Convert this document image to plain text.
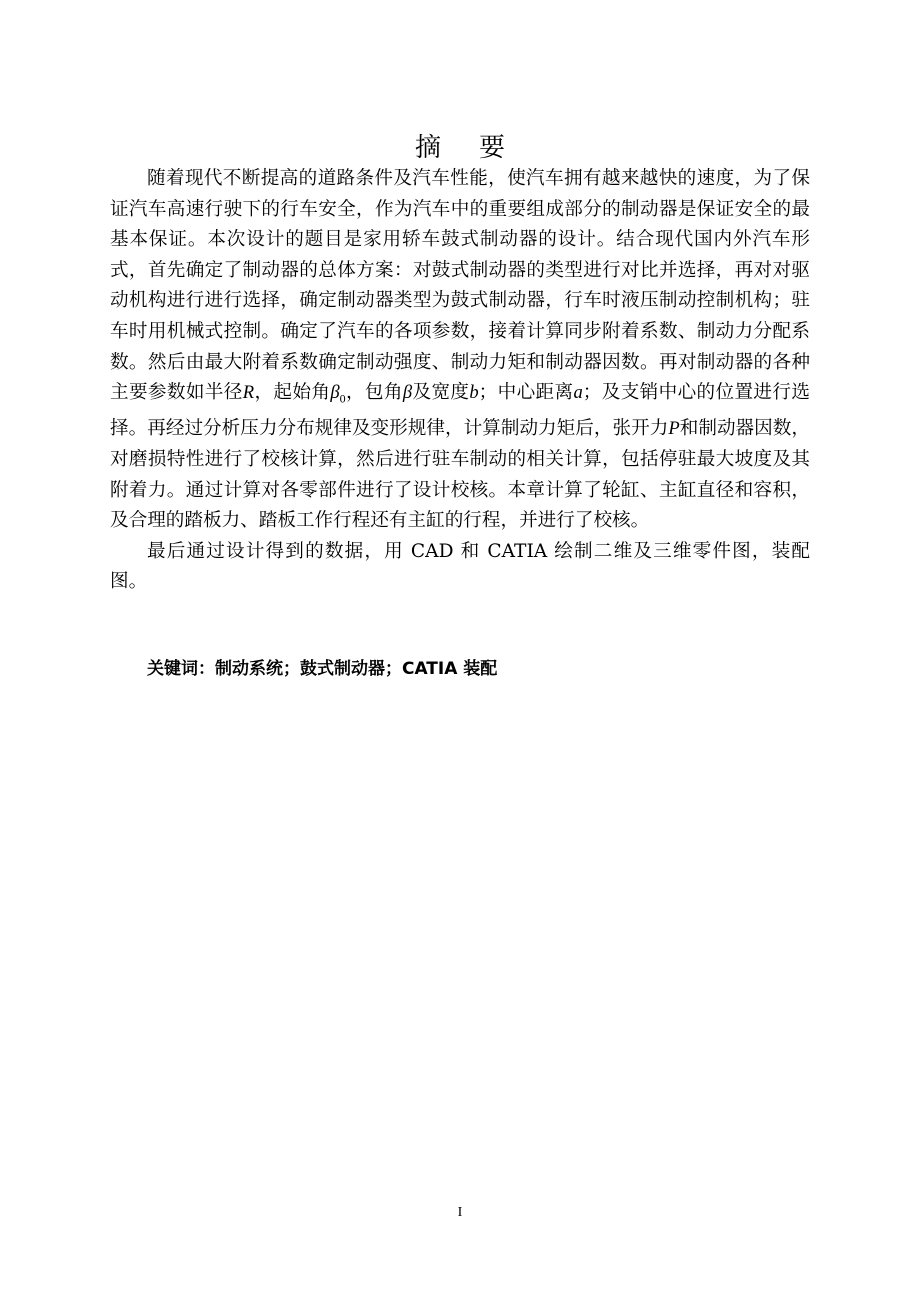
摘要

随着现代不断提高的道路条件及汽车性能，使汽车拥有越来越快的速度，为了保证汽车高速行驶下的行车安全，作为汽车中的重要组成部分的制动器是保证安全的最基本保证。本次设计的题目是家用轿车鼓式制动器的设计。结合现代国内外汽车形式，首先确定了制动器的总体方案：对鼓式制动器的类型进行对比并选择，再对对驱动机构进行进行选择，确定制动器类型为鼓式制动器，行车时液压制动控制机构；驻车时用机械式控制。确定了汽车的各项参数，接着计算同步附着系数、制动力分配系数。然后由最大附着系数确定制动强度、制动力矩和制动器因数。再对制动器的各种主要参数如半径R，起始角$\beta_0$，包角β及宽度b；中心距离a；及支销中心的位置进行选择。再经过分析压力分布规律及变形规律，计算制动力矩后，张开力P和制动器因数，对磨损特性进行了校核计算，然后进行驻车制动的相关计算，包括停驻最大坡度及其附着力。通过计算对各零部件进行了设计校核。本章计算了轮缸、主缸直径和容积，及合理的踏板力、踏板工作行程还有主缸的行程，并进行了校核。

最后通过设计得到的数据，用 CAD 和 CATIA 绘制二维及三维零件图，装配图。

关键词：制动系统；鼓式制动器；CATIA 装配
I
